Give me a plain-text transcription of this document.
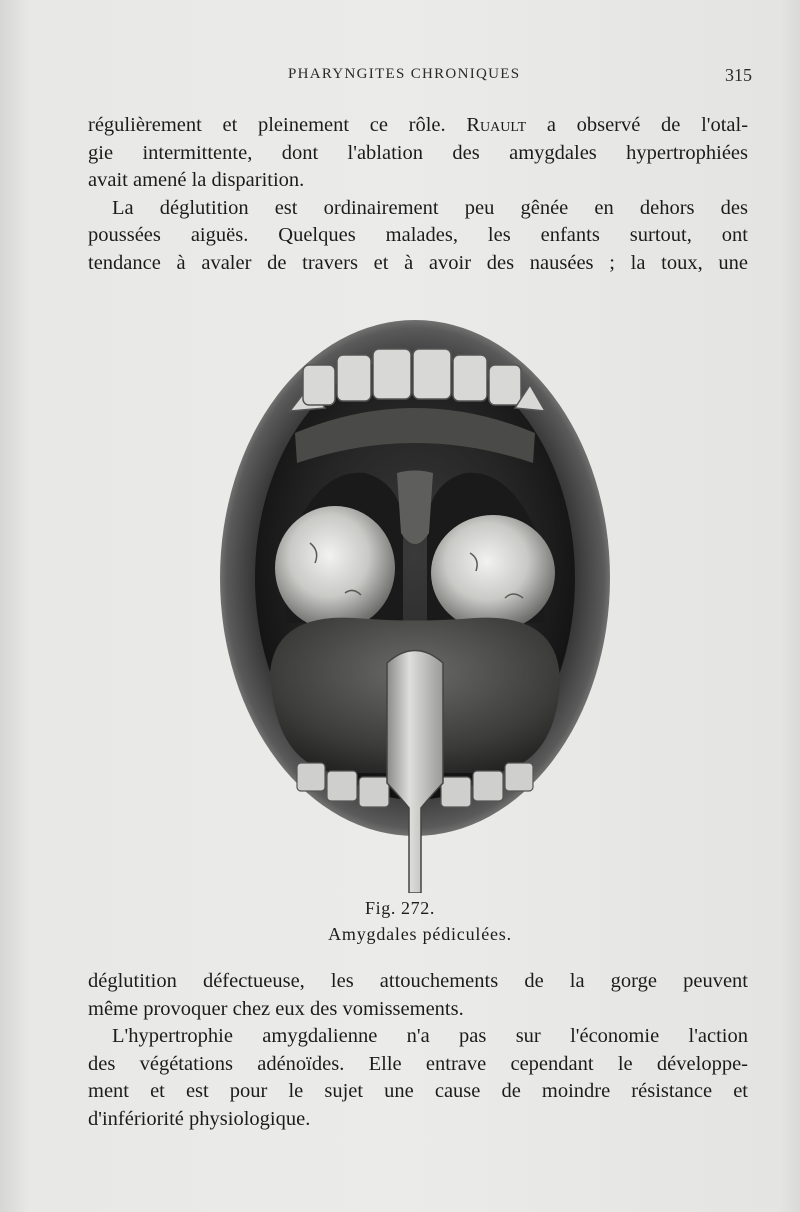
PHARYNGITES CHRONIQUES	315

régulièrement et pleinement ce rôle. Ruault a observé de l'otal-

gie intermittente, dont l'ablation des amygdales hypertrophiées

avait amené la disparition.

La déglutition est ordinairement peu gênée en dehors des

poussées aiguës. Quelques malades, les enfants surtout, ont

tendance à avaler de travers et à avoir des nausées ; la toux, une

Fig. 272.
Amygdales pédiculées.

déglutition défectueuse, les attouchements de la gorge peuvent

même provoquer chez eux des vomissements.

L'hypertrophie amygdalienne n'a pas sur l'économie l'action

des végétations adénoïdes. Elle entrave cependant le développe-

ment et est pour le sujet une cause de moindre résistance et

d'infériorité physiologique.
